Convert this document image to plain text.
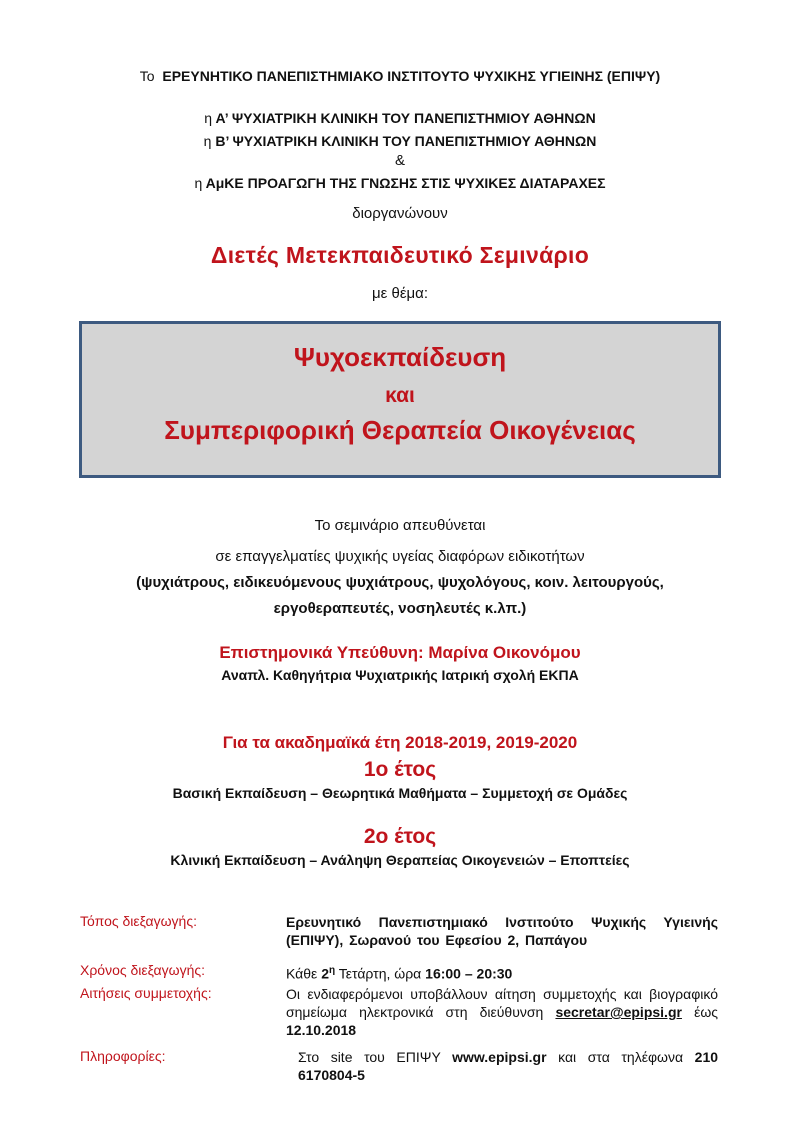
Το ΕΡΕΥΝΗΤΙΚΟ ΠΑΝΕΠΙΣΤΗΜΙΑΚΟ ΙΝΣΤΙΤΟΥΤΟ ΨΥΧΙΚΗΣ ΥΓΙΕΙΝΗΣ (ΕΠΙΨΥ)
η Α’ ΨΥΧΙΑΤΡΙΚΗ ΚΛΙΝΙΚΗ ΤΟΥ ΠΑΝΕΠΙΣΤΗΜΙΟΥ ΑΘΗΝΩΝ
η Β’ ΨΥΧΙΑΤΡΙΚΗ ΚΛΙΝΙΚΗ ΤΟΥ ΠΑΝΕΠΙΣΤΗΜΙΟΥ ΑΘΗΝΩΝ
&
η ΑμΚΕ ΠΡΟΑΓΩΓΗ ΤΗΣ ΓΝΩΣΗΣ ΣΤΙΣ ΨΥΧΙΚΕΣ ΔΙΑΤΑΡΑΧΕΣ
διοργανώνουν
Διετές Μετεκπαιδευτικό Σεμινάριο
με θέμα:
Ψυχοεκπαίδευση
και
Συμπεριφορική Θεραπεία Οικογένειας
Το σεμινάριο απευθύνεται
σε επαγγελματίες ψυχικής υγείας διαφόρων ειδικοτήτων
(ψυχιάτρους, ειδικευόμενους ψυχιάτρους, ψυχολόγους, κοιν. λειτουργούς,
εργοθεραπευτές, νοσηλευτές κ.λπ.)
Επιστημονικά Υπεύθυνη: Μαρίνα Οικονόμου
Αναπλ. Καθηγήτρια Ψυχιατρικής Ιατρική σχολή ΕΚΠΑ
Για τα ακαδημαϊκά έτη 2018-2019, 2019-2020
1ο έτος
Βασική Εκπαίδευση – Θεωρητικά Μαθήματα – Συμμετοχή σε Ομάδες
2ο έτος
Κλινική Εκπαίδευση – Ανάληψη Θεραπείας Οικογενειών – Εποπτείες
Τόπος διεξαγωγής:	Ερευνητικό Πανεπιστημιακό Ινστιτούτο Ψυχικής Υγιεινής (ΕΠΙΨΥ), Σωρανού του Εφεσίου 2, Παπάγου
Χρόνος διεξαγωγής:	Κάθε $2^\eta$ Τετάρτη, ώρα 16:00 – 20:30
Αιτήσεις συμμετοχής:	Οι ενδιαφερόμενοι υποβάλλουν αίτηση συμμετοχής και βιογραφικό σημείωμα ηλεκτρονικά στη διεύθυνση secretar@epipsi.gr έως 12.10.2018
Πληροφορίες:	Στο site του ΕΠΙΨΥ www.epipsi.gr και στα τηλέφωνα 210 6170804-5
